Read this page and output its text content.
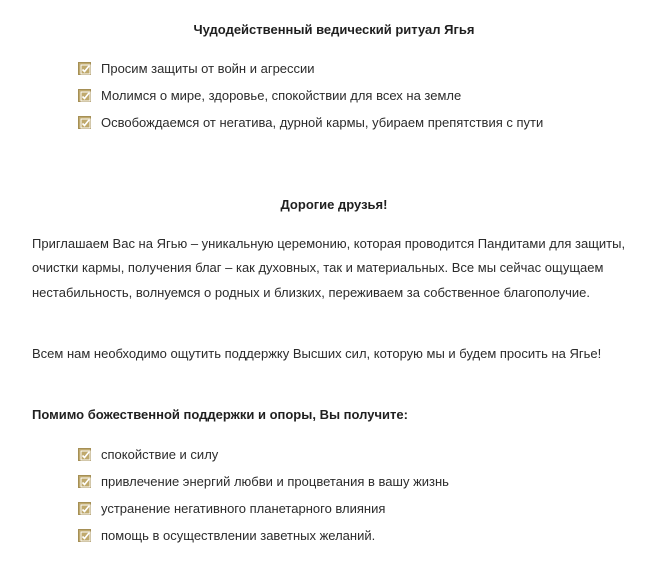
Чудодейственный ведический ритуал Ягья
Просим защиты от войн и агрессии
Молимся о мире, здоровье, спокойствии для всех на земле
Освобождаемся от негатива, дурной кармы, убираем препятствия с пути
Дорогие друзья!

Приглашаем Вас на Ягью – уникальную церемонию, которая проводится Пандитами для защиты, очистки кармы, получения благ – как духовных, так и материальных. Все мы сейчас ощущаем нестабильность, волнуемся о родных и близких, переживаем за собственное благополучие.

Всем нам необходимо ощутить поддержку Высших сил, которую мы и будем просить на Ягье!

Помимо божественной поддержки и опоры, Вы получите:
спокойствие и силу
привлечение энергий любви и процветания в вашу жизнь
устранение негативного планетарного влияния
помощь в осуществлении заветных желаний.
